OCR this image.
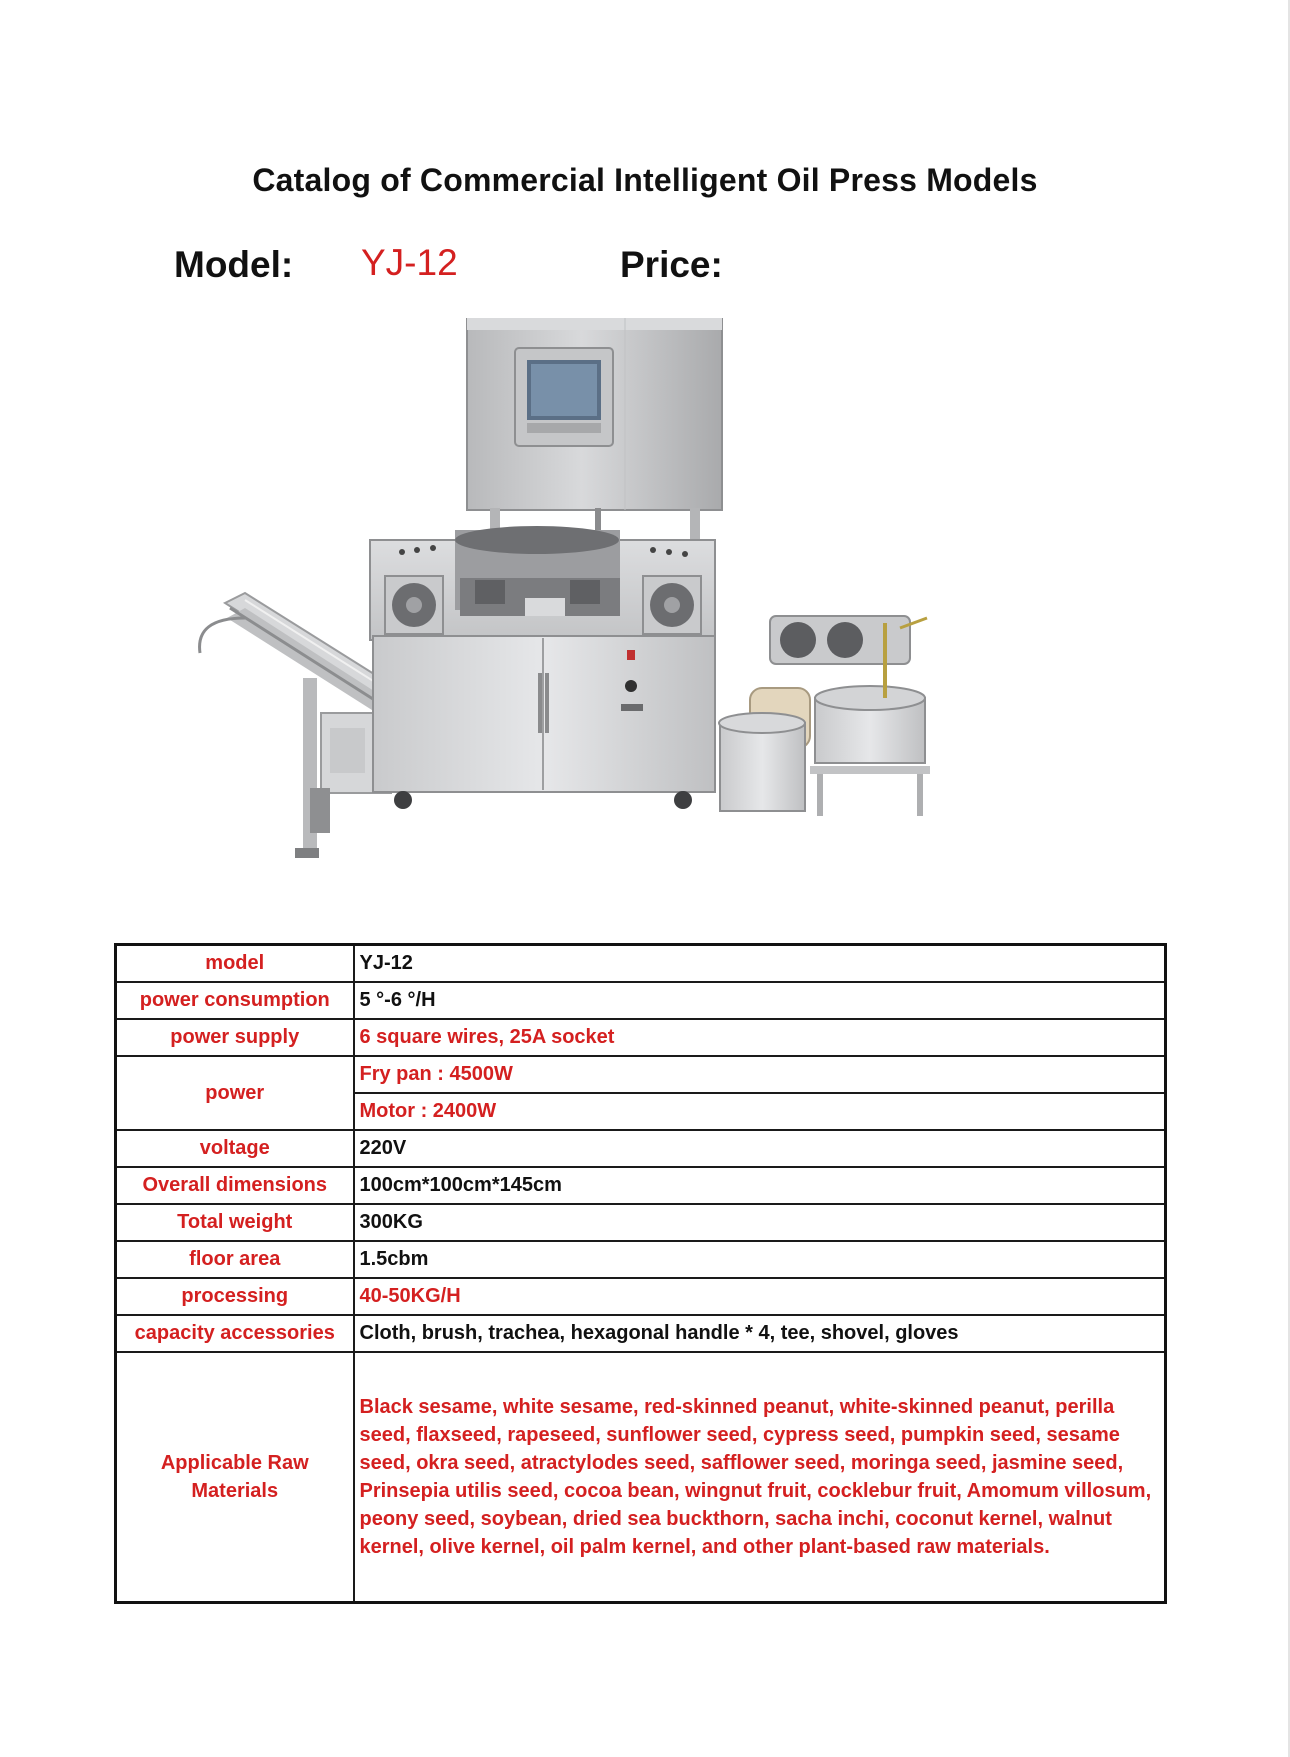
Catalog of Commercial Intelligent Oil Press Models
Model: YJ-12	Price:
model	YJ-12
power consumption	5 °-6 °/H
power supply	6 square wires, 25A socket
power	Fry pan : 4500W
	Motor : 2400W
voltage	220V
Overall dimensions	100cm*100cm*145cm
Total weight	300KG
floor area	1.5cbm
processing	40-50KG/H
capacity accessories	Cloth, brush, trachea, hexagonal handle * 4, tee, shovel, gloves
Applicable Raw Materials	Black sesame, white sesame, red-skinned peanut, white-skinned peanut, perilla seed, flaxseed, rapeseed, sunflower seed, cypress seed, pumpkin seed, sesame seed, okra seed, atractylodes seed, safflower seed, moringa seed, jasmine seed, Prinsepia utilis seed, cocoa bean, wingnut fruit, cocklebur fruit, Amomum villosum, peony seed, soybean, dried sea buckthorn, sacha inchi, coconut kernel, walnut kernel, olive kernel, oil palm kernel, and other plant-based raw materials.
